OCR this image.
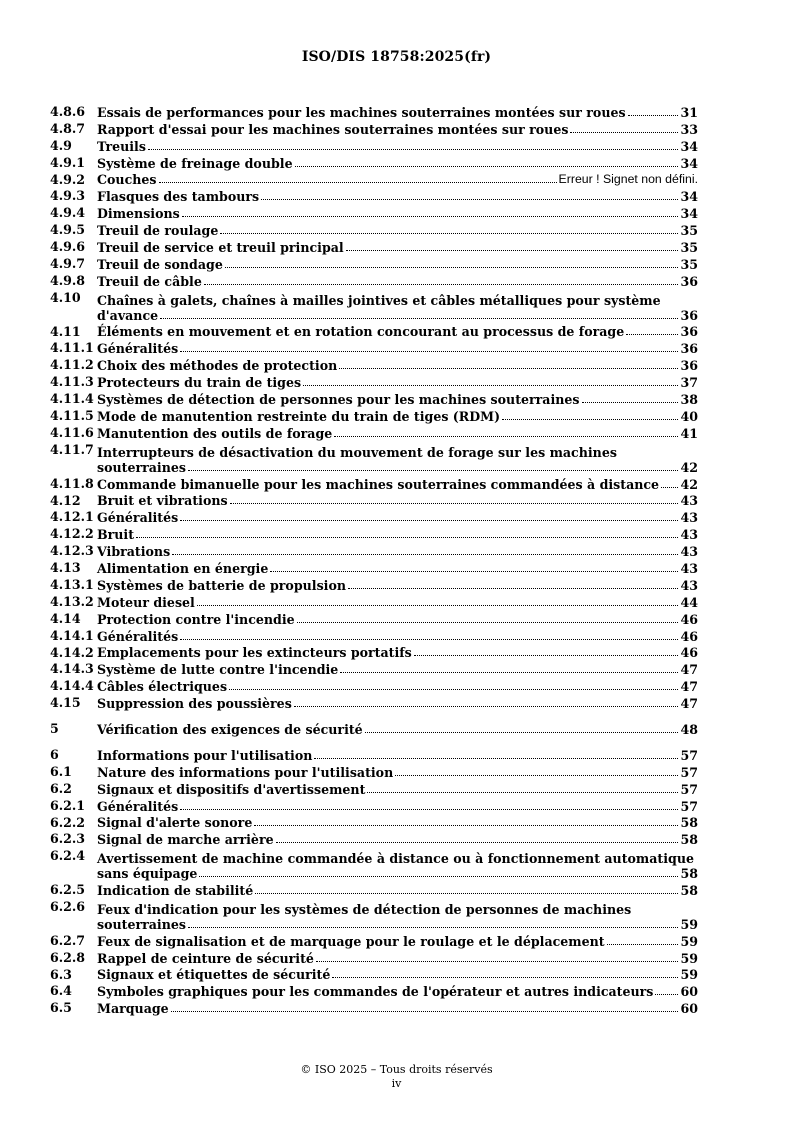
ISO/DIS 18758:2025(fr)
4.8.6 Essais de performances pour les machines souterraines montées sur roues	31
4.8.7 Rapport d'essai pour les machines souterraines montées sur roues	33
4.9	Treuils	34
4.9.1 Système de freinage double	34
4.9.2 Couches	Erreur ! Signet non défini.
4.9.3 Flasques des tambours	34
4.9.4 Dimensions	34
4.9.5 Treuil de roulage	35
4.9.6 Treuil de service et treuil principal	35
4.9.7 Treuil de sondage	35
4.9.8 Treuil de câble	36
4.10	Chaînes à galets, chaînes à mailles jointives et câbles métalliques pour système
d'avance	36
4.11	Éléments en mouvement et en rotation concourant au processus de forage	36
4.11.1 Généralités	36
4.11.2 Choix des méthodes de protection	36
4.11.3 Protecteurs du train de tiges	37
4.11.4 Systèmes de détection de personnes pour les machines souterraines	38
4.11.5 Mode de manutention restreinte du train de tiges (RDM)	40
4.11.6 Manutention des outils de forage	41
4.11.7 Interrupteurs de désactivation du mouvement de forage sur les machines
souterraines	42
4.11.8 Commande bimanuelle pour les machines souterraines commandées à distance 42
4.12	Bruit et vibrations	43
4.12.1 Généralités	43
4.12.2 Bruit	43
4.12.3 Vibrations	43
4.13	Alimentation en énergie	43
4.13.1 Systèmes de batterie de propulsion	43
4.13.2 Moteur diesel	44
4.14	Protection contre l'incendie	46
4.14.1 Généralités	46
4.14.2 Emplacements pour les extincteurs portatifs	46
4.14.3 Système de lutte contre l'incendie	47
4.14.4 Câbles électriques	47
4.15	Suppression des poussières	47
5	Vérification des exigences de sécurité	48
6	Informations pour l'utilisation	57
6.1	Nature des informations pour l'utilisation	57
6.2	Signaux et dispositifs d'avertissement	57
6.2.1 Généralités	57
6.2.2 Signal d'alerte sonore	58
6.2.3 Signal de marche arrière	58
6.2.4 Avertissement de machine commandée à distance ou à fonctionnement automatique
sans équipage	58
6.2.5 Indication de stabilité	58
6.2.6 Feux d'indication pour les systèmes de détection de personnes de machines
souterraines	59
6.2.7 Feux de signalisation et de marquage pour le roulage et le déplacement	59
6.2.8 Rappel de ceinture de sécurité	59
6.3	Signaux et étiquettes de sécurité	59
6.4	Symboles graphiques pour les commandes de l'opérateur et autres indicateurs 60
6.5	Marquage	60
© ISO 2025 – Tous droits réservés
iv
